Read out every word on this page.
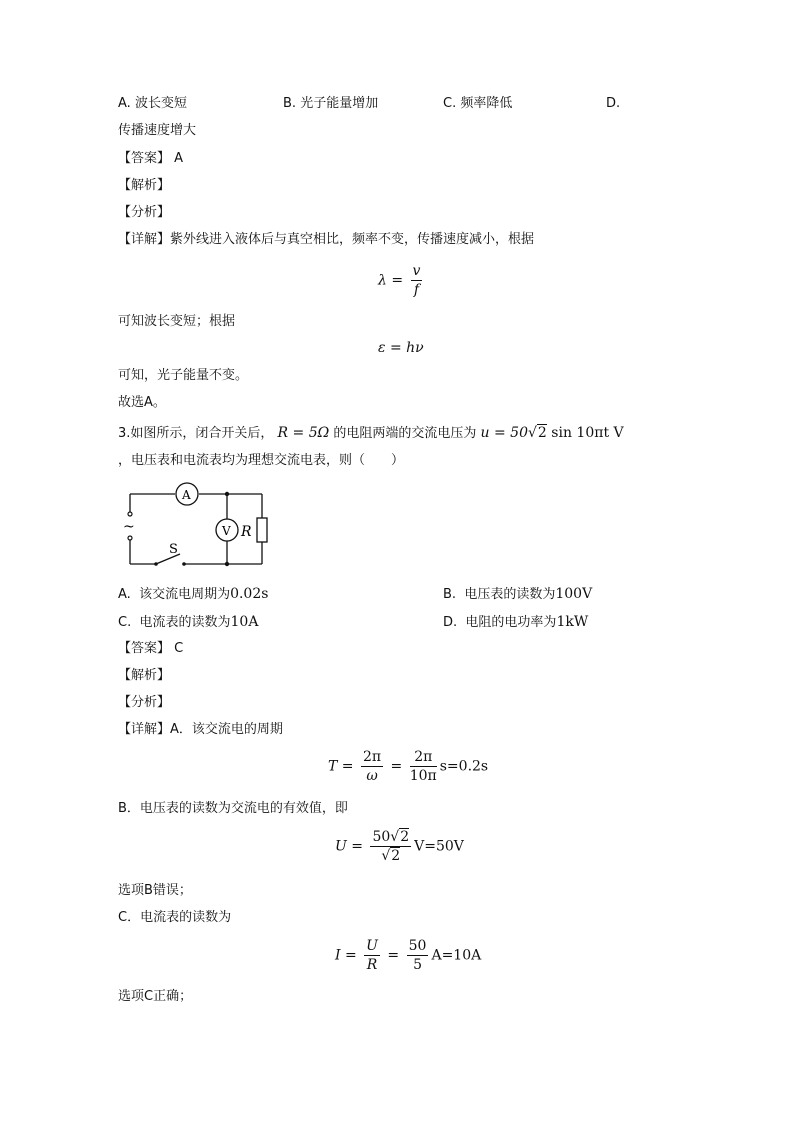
A. 波长变短	B. 光子能量增加	C. 频率降低	D.
传播速度增大
【答案】 A
【解析】
【分析】
【详解】紫外线进入液体后与真空相比，频率不变，传播速度减小，根据
$\lambda = \frac{v}{f}$
可知波长变短；根据
ε = hν
可知，光子能量不变。
故选A。
3.如图所示，闭合开关后， R = 5Ω 的电阻两端的交流电压为 u = 50√2 sin 10πt V
，电压表和电流表均为理想交流电表，则（　　）
~
A
V R
S
A. 该交流电周期为0.02s	B. 电压表的读数为100V
C. 电流表的读数为10A	D. 电阻的电功率为1kW
【答案】 C
【解析】
【分析】
【详解】A．该交流电的周期
$T = \frac{2\pi}{\omega} = \frac{2\pi}{10\pi} s=0.2s$
B．电压表的读数为交流电的有效值，即
$U = \frac{50√2}{√2} V=50V$
选项B错误；
C．电流表的读数为
$I = \frac{U}{R} = \frac{50}{5} A=10A$
选项C正确；
